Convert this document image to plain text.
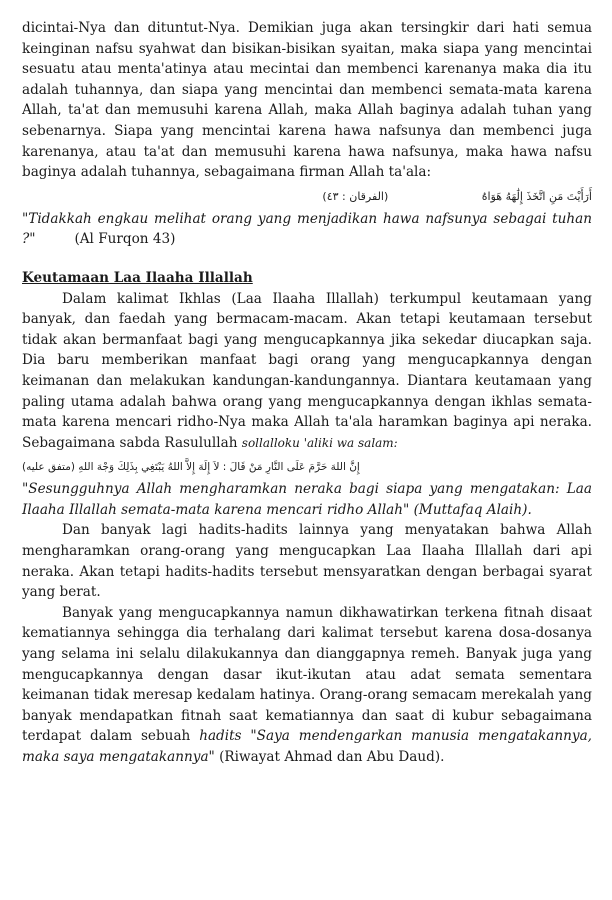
dicintai-Nya dan dituntut-Nya. Demikian juga akan tersingkir dari hati semua keinginan nafsu syahwat dan bisikan-bisikan syaitan, maka siapa yang mencintai sesuatu atau menta'atinya atau mecintai dan membenci karenanya maka dia itu adalah tuhannya, dan siapa yang mencintai dan membenci semata-mata karena Allah, ta'at dan memusuhi karena Allah, maka Allah baginya adalah tuhan yang sebenarnya. Siapa yang mencintai karena hawa nafsunya dan membenci juga karenanya, atau ta'at dan memusuhi karena hawa nafsunya, maka hawa nafsu baginya adalah tuhannya, sebagaimana firman Allah ta'ala:

أَرَأَيْتَ مَنِ اتَّخَذَ إِلَٰهَهُ هَوَاهُ (الفرقان : ٤٣)

"Tidakkah engkau melihat orang yang menjadikan hawa nafsunya sebagai tuhan ?"	(Al Furqon 43)

Keutamaan Laa Ilaaha Illallah

Dalam kalimat Ikhlas (Laa Ilaaha Illallah) terkumpul keutamaan yang banyak, dan faedah yang bermacam-macam. Akan tetapi keutamaan tersebut tidak akan bermanfaat bagi yang mengucapkannya jika sekedar diucapkan saja. Dia baru memberikan manfaat bagi orang yang mengucapkannya dengan keimanan dan melakukan kandungan-kandungannya. Diantara keutamaan yang paling utama adalah bahwa orang yang mengucapkannya dengan ikhlas semata-mata karena mencari ridho-Nya maka Allah ta'ala haramkan baginya api neraka. Sebagaimana sabda Rasulullah sollalloku 'aliki wa salam:

إِنَّ اللهَ حَرَّمَ عَلَى النَّارِ مَنْ قَالَ : لاَ إِلَهَ إِلاَّ اللهُ يَبْتَغِي بِذَلِكَ وَجْهَ اللهِ (متفق عليه)

"Sesungguhnya Allah mengharamkan neraka bagi siapa yang mengatakan: Laa Ilaaha Illallah semata-mata karena mencari ridho Allah" (Muttafaq Alaih).

Dan banyak lagi hadits-hadits lainnya yang menyatakan bahwa Allah mengharamkan orang-orang yang mengucapkan Laa Ilaaha Illallah dari api neraka. Akan tetapi hadits-hadits tersebut mensyaratkan dengan berbagai syarat yang berat.

Banyak yang mengucapkannya namun dikhawatirkan terkena fitnah disaat kematiannya sehingga dia terhalang dari kalimat tersebut karena dosa-dosanya yang selama ini selalu dilakukannya dan dianggapnya remeh. Banyak juga yang mengucapkannya dengan dasar ikut-ikutan atau adat semata sementara keimanan tidak meresap kedalam hatinya. Orang-orang semacam merekalah yang banyak mendapatkan fitnah saat kematiannya dan saat di kubur sebagaimana terdapat dalam sebuah hadits "Saya mendengarkan manusia mengatakannya, maka saya mengatakannya" (Riwayat Ahmad dan Abu Daud).
